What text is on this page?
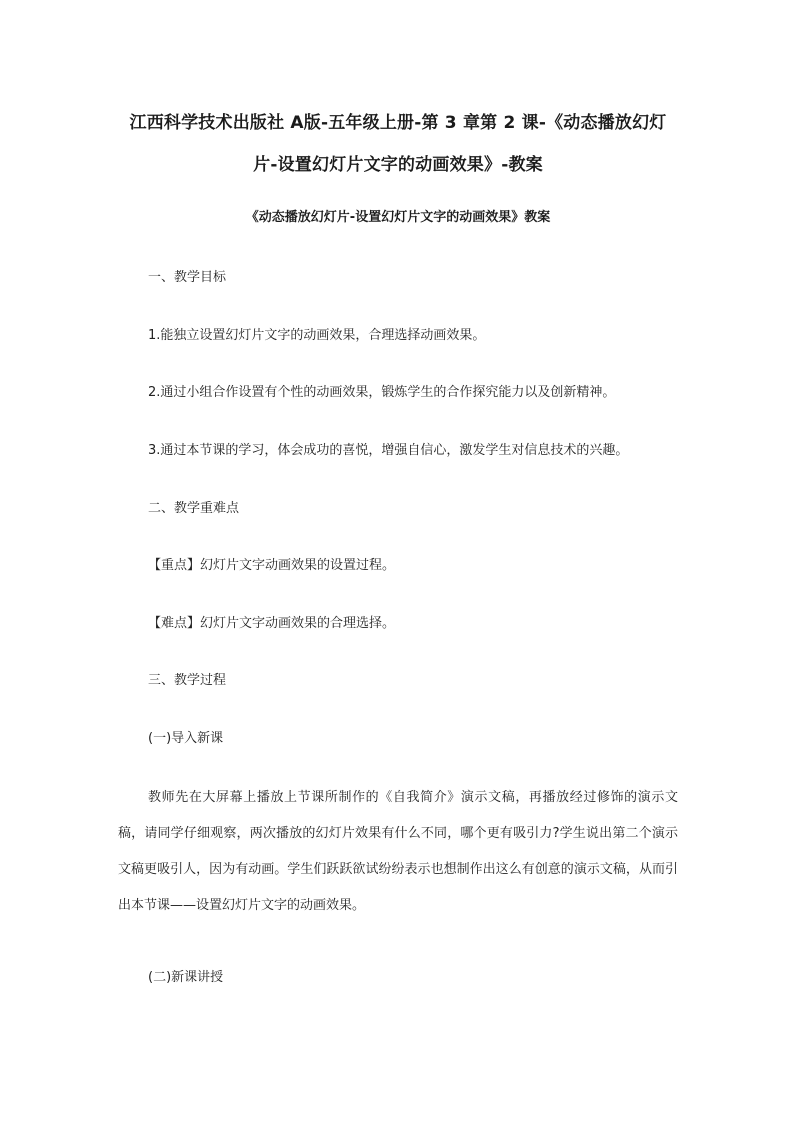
江西科学技术出版社 A版-五年级上册-第 3 章第 2 课-《动态播放幻灯片-设置幻灯片文字的动画效果》-教案

《动态播放幻灯片-设置幻灯片文字的动画效果》教案

一、教学目标

1.能独立设置幻灯片文字的动画效果，合理选择动画效果。

2.通过小组合作设置有个性的动画效果，锻炼学生的合作探究能力以及创新精神。

3.通过本节课的学习，体会成功的喜悦，增强自信心，激发学生对信息技术的兴趣。

二、教学重难点

【重点】幻灯片文字动画效果的设置过程。

【难点】幻灯片文字动画效果的合理选择。

三、教学过程

(一)导入新课

教师先在大屏幕上播放上节课所制作的《自我简介》演示文稿，再播放经过修饰的演示文稿，请同学仔细观察，两次播放的幻灯片效果有什么不同，哪个更有吸引力?学生说出第二个演示文稿更吸引人，因为有动画。学生们跃跃欲试纷纷表示也想制作出这么有创意的演示文稿，从而引出本节课——设置幻灯片文字的动画效果。

(二)新课讲授
